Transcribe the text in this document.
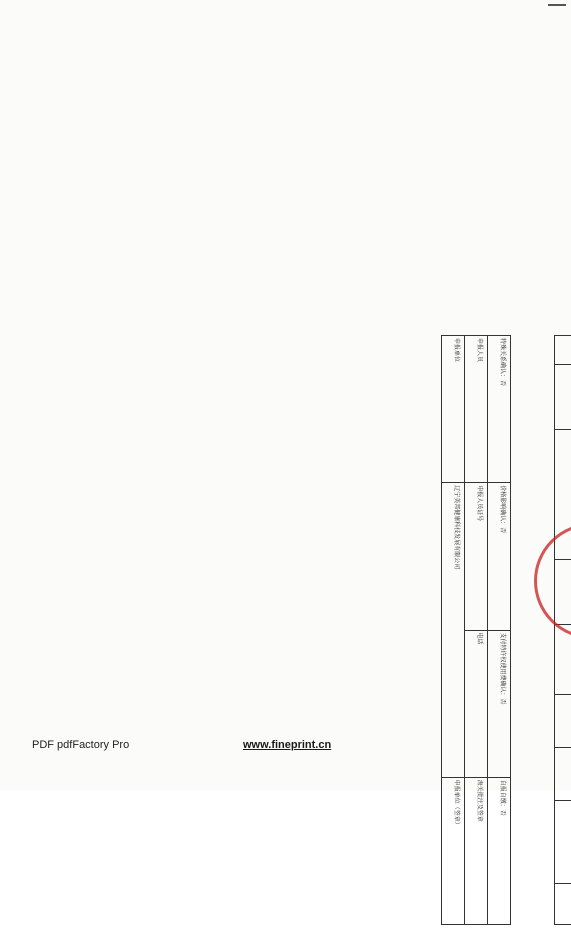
特殊关系确认：否	价格影响确认：否	支付特许权使用费确认：否	自报自缴：否
申报人员	申报人员证号	电话	海关批注及签章
申报单位	辽宁美邦健康科技发展有限公司		申报单位（签章）
PDF pdfFactory Pro	www.fineprint.cn
